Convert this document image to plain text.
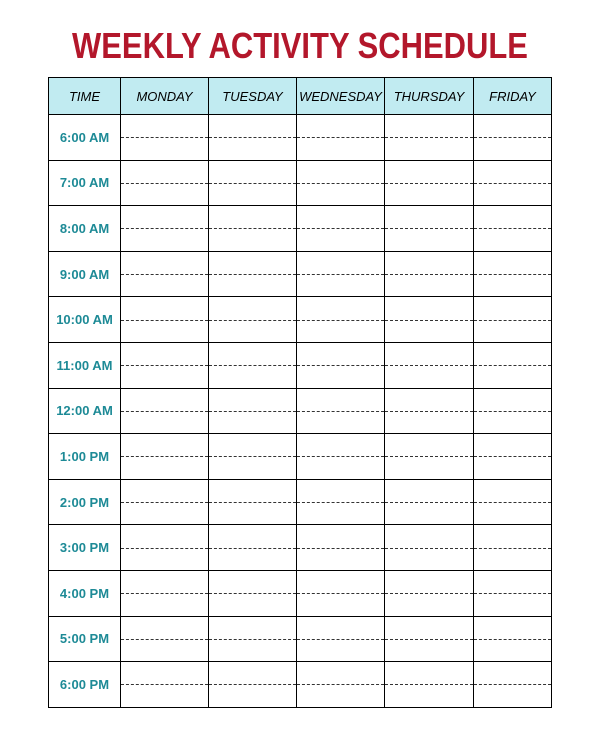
WEEKLY ACTIVITY SCHEDULE
TIME	MONDAY	TUESDAY	WEDNESDAY	THURSDAY	FRIDAY
6:00 AM					
7:00 AM					
8:00 AM					
9:00 AM					
10:00 AM					
11:00 AM					
12:00 AM					
1:00 PM					
2:00 PM					
3:00 PM					
4:00 PM					
5:00 PM					
6:00 PM					
